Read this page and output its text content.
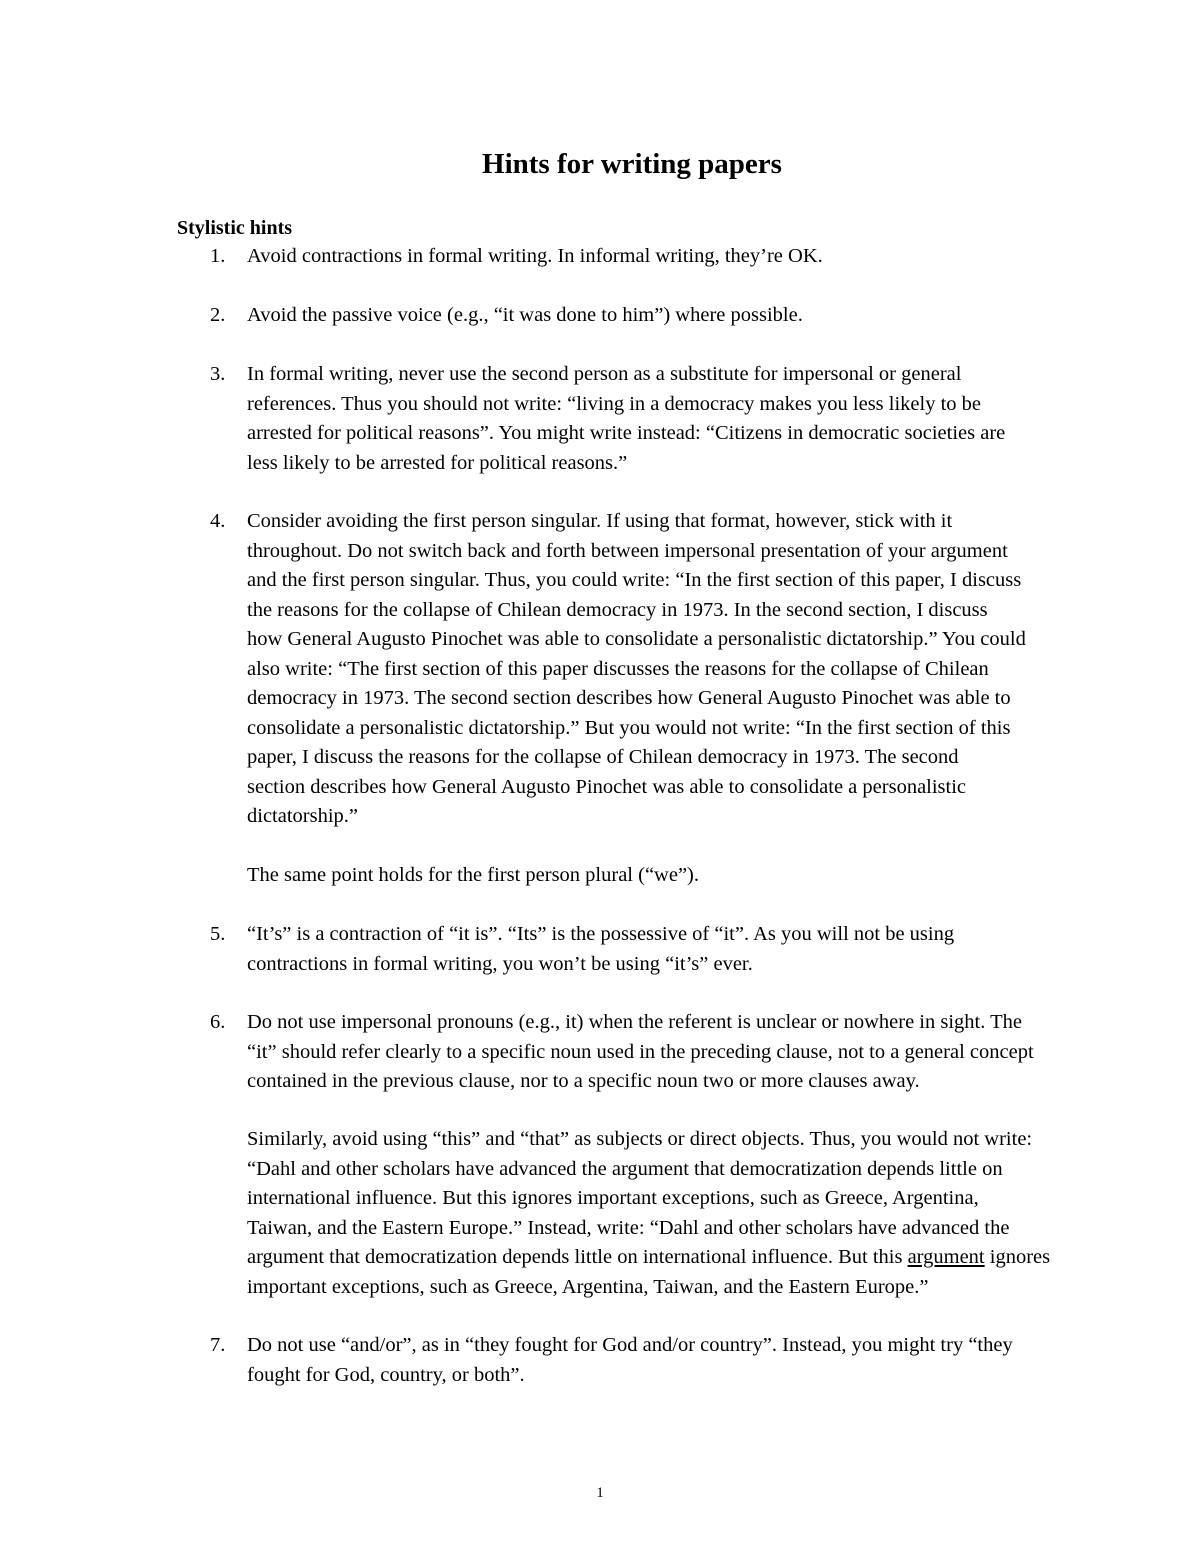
Hints for writing papers
Stylistic hints
1.	Avoid contractions in formal writing. In informal writing, they’re OK.
2.	Avoid the passive voice (e.g., “it was done to him”) where possible.
3.	In formal writing, never use the second person as a substitute for impersonal or general
references. Thus you should not write: “living in a democracy makes you less likely to be
arrested for political reasons”. You might write instead: “Citizens in democratic societies are
less likely to be arrested for political reasons.”
4.	Consider avoiding the first person singular. If using that format, however, stick with it
throughout. Do not switch back and forth between impersonal presentation of your argument
and the first person singular. Thus, you could write: “In the first section of this paper, I discuss
the reasons for the collapse of Chilean democracy in 1973. In the second section, I discuss
how General Augusto Pinochet was able to consolidate a personalistic dictatorship.” You could
also write: “The first section of this paper discusses the reasons for the collapse of Chilean
democracy in 1973. The second section describes how General Augusto Pinochet was able to
consolidate a personalistic dictatorship.” But you would not write: “In the first section of this
paper, I discuss the reasons for the collapse of Chilean democracy in 1973. The second
section describes how General Augusto Pinochet was able to consolidate a personalistic
dictatorship.”
The same point holds for the first person plural (“we”).
5.	“It’s” is a contraction of “it is”. “Its” is the possessive of “it”. As you will not be using
contractions in formal writing, you won’t be using “it’s” ever.
6.	Do not use impersonal pronouns (e.g., it) when the referent is unclear or nowhere in sight. The
“it” should refer clearly to a specific noun used in the preceding clause, not to a general concept
contained in the previous clause, nor to a specific noun two or more clauses away.
Similarly, avoid using “this” and “that” as subjects or direct objects. Thus, you would not write:
“Dahl and other scholars have advanced the argument that democratization depends little on
international influence. But this ignores important exceptions, such as Greece, Argentina,
Taiwan, and the Eastern Europe.” Instead, write: “Dahl and other scholars have advanced the
argument that democratization depends little on international influence. But this argument ignores
important exceptions, such as Greece, Argentina, Taiwan, and the Eastern Europe.”
7.	Do not use “and/or”, as in “they fought for God and/or country”. Instead, you might try “they
fought for God, country, or both”.
1
